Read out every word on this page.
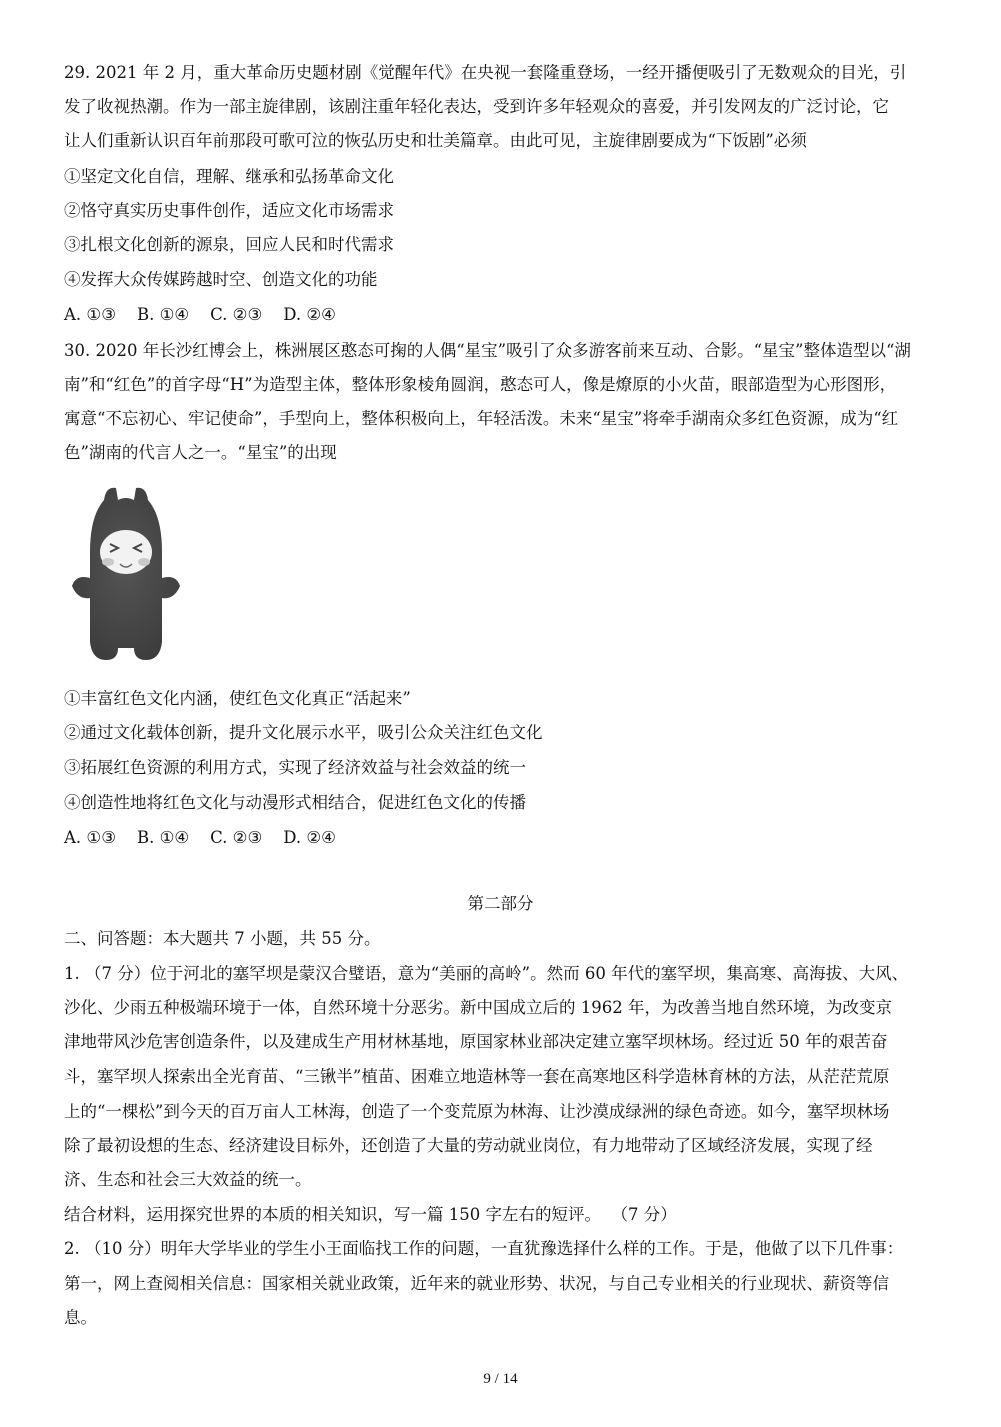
29. 2021 年 2 月，重大革命历史题材剧《觉醒年代》在央视一套隆重登场，一经开播便吸引了无数观众的目光，引
发了收视热潮。作为一部主旋律剧，该剧注重年轻化表达，受到许多年轻观众的喜爱，并引发网友的广泛讨论，它
让人们重新认识百年前那段可歌可泣的恢弘历史和壮美篇章。由此可见，主旋律剧要成为“下饭剧”必须
①坚定文化自信，理解、继承和弘扬革命文化
②恪守真实历史事件创作，适应文化市场需求
③扎根文化创新的源泉，回应人民和时代需求
④发挥大众传媒跨越时空、创造文化的功能
A. ①③    B. ①④    C. ②③    D. ②④
30. 2020 年长沙红博会上，株洲展区憨态可掬的人偶“星宝”吸引了众多游客前来互动、合影。“星宝”整体造型以“湖
南”和“红色”的首字母“H”为造型主体，整体形象棱角圆润，憨态可人，像是燎原的小火苗，眼部造型为心形图形，
寓意“不忘初心、牢记使命”，手型向上，整体积极向上，年轻活泼。未来“星宝”将牵手湖南众多红色资源，成为“红
色”湖南的代言人之一。“星宝”的出现
①丰富红色文化内涵，使红色文化真正“活起来”
②通过文化载体创新，提升文化展示水平，吸引公众关注红色文化
③拓展红色资源的利用方式，实现了经济效益与社会效益的统一
④创造性地将红色文化与动漫形式相结合，促进红色文化的传播
A. ①③    B. ①④    C. ②③    D. ②④
第二部分
二、问答题：本大题共 7 小题，共 55 分。
1. （7 分）位于河北的塞罕坝是蒙汉合璧语，意为“美丽的高岭”。然而 60 年代的塞罕坝，集高寒、高海拔、大风、
沙化、少雨五种极端环境于一体，自然环境十分恶劣。新中国成立后的 1962 年，为改善当地自然环境，为改变京
津地带风沙危害创造条件，以及建成生产用材林基地，原国家林业部决定建立塞罕坝林场。经过近 50 年的艰苦奋
斗，塞罕坝人探索出全光育苗、“三锹半”植苗、困难立地造林等一套在高寒地区科学造林育林的方法，从茫茫荒原
上的“一棵松”到今天的百万亩人工林海，创造了一个变荒原为林海、让沙漠成绿洲的绿色奇迹。如今，塞罕坝林场
除了最初设想的生态、经济建设目标外，还创造了大量的劳动就业岗位，有力地带动了区域经济发展，实现了经
济、生态和社会三大效益的统一。
结合材料，运用探究世界的本质的相关知识，写一篇 150 字左右的短评。  （7 分）
2. （10 分）明年大学毕业的学生小王面临找工作的问题，一直犹豫选择什么样的工作。于是，他做了以下几件事：
第一，网上查阅相关信息：国家相关就业政策，近年来的就业形势、状况，与自己专业相关的行业现状、薪资等信
息。
9 / 14
